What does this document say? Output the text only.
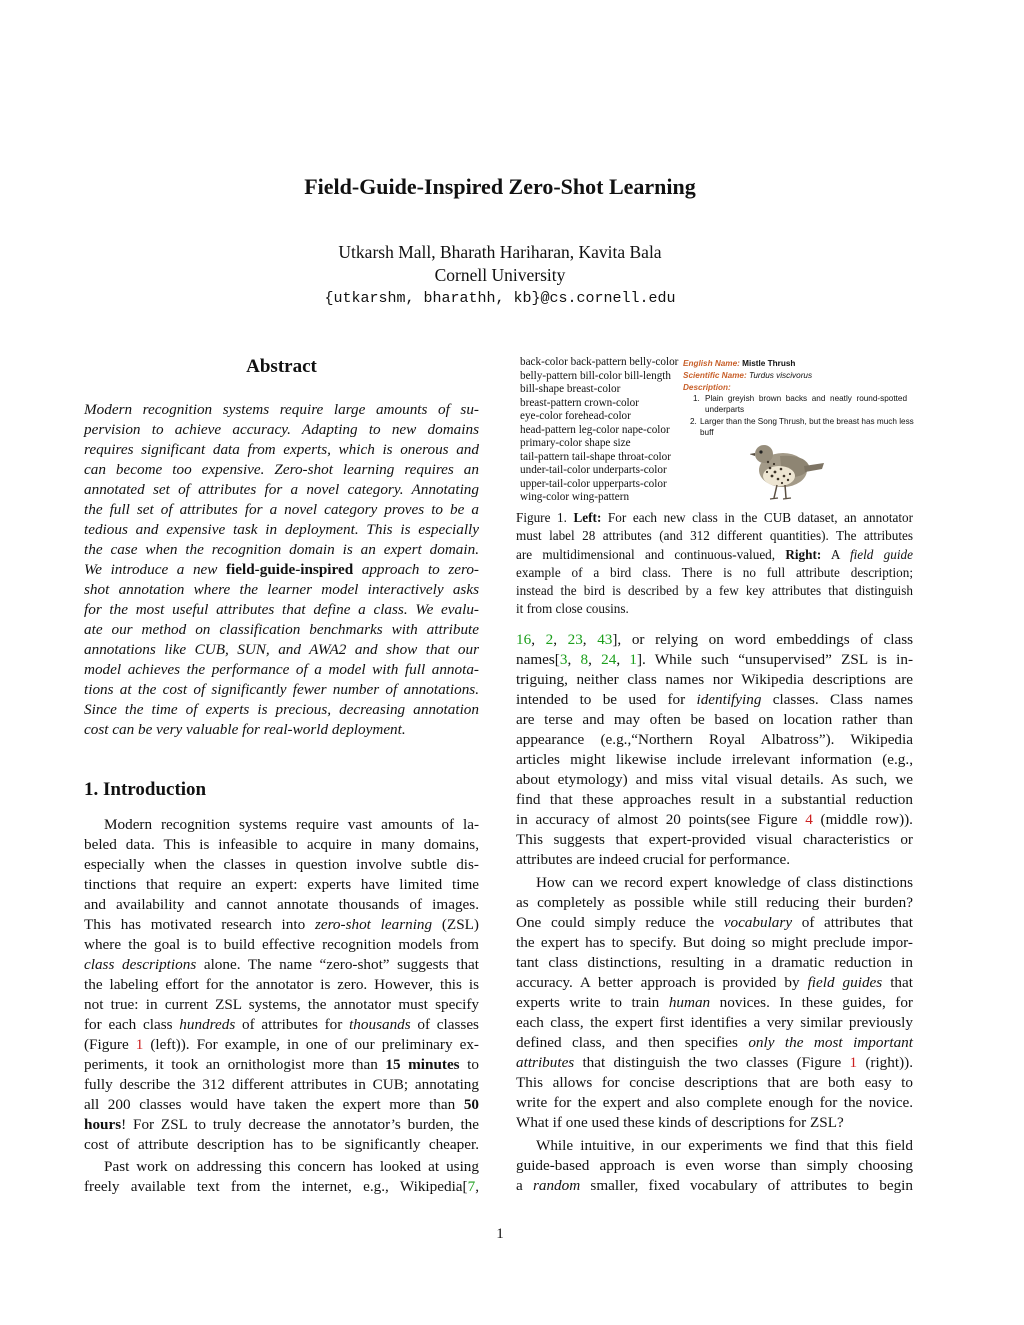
Field-Guide-Inspired Zero-Shot Learning
Utkarsh Mall, Bharath Hariharan, Kavita Bala
Cornell University
{utkarshm, bharathh, kb}@cs.cornell.edu
Abstract
Modern recognition systems require large amounts of su-
pervision to achieve accuracy. Adapting to new domains
requires significant data from experts, which is onerous and
can become too expensive. Zero-shot learning requires an
annotated set of attributes for a novel category. Annotating
the full set of attributes for a novel category proves to be a
tedious and expensive task in deployment. This is especially
the case when the recognition domain is an expert domain.
We introduce a new field-guide-inspired approach to zero-
shot annotation where the learner model interactively asks
for the most useful attributes that define a class. We evalu-
ate our method on classification benchmarks with attribute
annotations like CUB, SUN, and AWA2 and show that our
model achieves the performance of a model with full annota-
tions at the cost of significantly fewer number of annotations.
Since the time of experts is precious, decreasing annotation
cost can be very valuable for real-world deployment.
1. Introduction
Modern recognition systems require vast amounts of la-
beled data. This is infeasible to acquire in many domains,
especially when the classes in question involve subtle dis-
tinctions that require an expert: experts have limited time
and availability and cannot annotate thousands of images.
This has motivated research into zero-shot learning (ZSL)
where the goal is to build effective recognition models from
class descriptions alone. The name “zero-shot” suggests that
the labeling effort for the annotator is zero. However, this is
not true: in current ZSL systems, the annotator must specify
for each class hundreds of attributes for thousands of classes
(Figure 1 (left)). For example, in one of our preliminary ex-
periments, it took an ornithologist more than 15 minutes to
fully describe the 312 different attributes in CUB; annotating
all 200 classes would have taken the expert more than 50
hours! For ZSL to truly decrease the annotator’s burden, the
cost of attribute description has to be significantly cheaper.
Past work on addressing this concern has looked at using
freely available text from the internet, e.g., Wikipedia[7,
back-color back-pattern belly-color
belly-pattern bill-color bill-length
bill-shape breast-color
breast-pattern crown-color
eye-color forehead-color
head-pattern leg-color nape-color
primary-color shape size
tail-pattern tail-shape throat-color
under-tail-color underparts-color
upper-tail-color upperparts-color
wing-color wing-pattern
English Name: Mistle Thrush
Scientific Name: Turdus viscivorus
Description:
1. Plain greyish brown backs and neatly round-spotted
underparts
2. Larger than the Song Thrush, but the breast has much less
buff
Figure 1. Left: For each new class in the CUB dataset, an annotator
must label 28 attributes (and 312 different quantities). The attributes
are multidimensional and continuous-valued, Right: A field guide
example of a bird class. There is no full attribute description;
instead the bird is described by a few key attributes that distinguish
it from close cousins.
16, 2, 23, 43], or relying on word embeddings of class
names[3, 8, 24, 1]. While such “unsupervised” ZSL is in-
triguing, neither class names nor Wikipedia descriptions are
intended to be used for identifying classes. Class names
are terse and may often be based on location rather than
appearance (e.g.,“Northern Royal Albatross”). Wikipedia
articles might likewise include irrelevant information (e.g.,
about etymology) and miss vital visual details. As such, we
find that these approaches result in a substantial reduction
in accuracy of almost 20 points(see Figure 4 (middle row)).
This suggests that expert-provided visual characteristics or
attributes are indeed crucial for performance.
How can we record expert knowledge of class distinctions
as completely as possible while still reducing their burden?
One could simply reduce the vocabulary of attributes that
the expert has to specify. But doing so might preclude impor-
tant class distinctions, resulting in a dramatic reduction in
accuracy. A better approach is provided by field guides that
experts write to train human novices. In these guides, for
each class, the expert first identifies a very similar previously
defined class, and then specifies only the most important
attributes that distinguish the two classes (Figure 1 (right)).
This allows for concise descriptions that are both easy to
write for the expert and also complete enough for the novice.
What if one used these kinds of descriptions for ZSL?
While intuitive, in our experiments we find that this field
guide-based approach is even worse than simply choosing
a random smaller, fixed vocabulary of attributes to begin
1
